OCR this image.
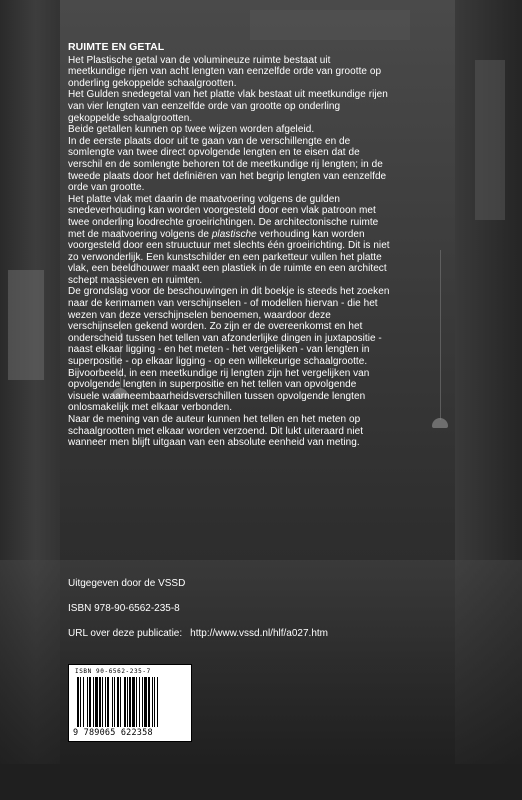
RUIMTE EN GETAL

Het Plastische getal van de volumineuze ruimte bestaat uit meetkundige rijen van acht lengten van eenzelfde orde van grootte op onderling gekoppelde schaalgrootten.

Het Gulden snedegetal van het platte vlak bestaat uit meetkundige rijen van vier lengten van eenzelfde orde van grootte op onderling gekoppelde schaalgrootten.

Beide getallen kunnen op twee wijzen worden afgeleid.

In de eerste plaats door uit te gaan van de verschillengte en de somlengte van twee direct opvolgende lengten en te eisen dat de verschil en de somlengte behoren tot de meetkundige rij lengten; in de tweede plaats door het definiëren van het begrip lengten van eenzelfde orde van grootte.

Het platte vlak met daarin de maatvoering volgens de gulden snedeverhouding kan worden voorgesteld door een vlak patroon met twee onderling loodrechte groeirichtingen. De architectonische ruimte met de maatvoering volgens de plastische verhouding kan worden voorgesteld door een struuctuur met slechts één groeirichting. Dit is niet zo verwonderlijk. Een kunstschilder en een parketteur vullen het platte vlak, een beeldhouwer maakt een plastiek in de ruimte en een architect schept massieven en ruimten.

De grondslag voor de beschouwingen in dit boekje is steeds het zoeken naar de kenmamen van verschijnselen - of modellen hiervan - die het wezen van deze verschijnselen benoemen, waardoor deze verschijnselen gekend worden. Zo zijn er de overeenkomst en het onderscheid tussen het tellen van afzonderlijke dingen in juxtapositie - naast elkaar ligging - en het meten - het vergelijken - van lengten in superpositie - op elkaar ligging - op een willekeurige schaalgrootte. Bijvoorbeeld, in een meetkundige rij lengten zijn het vergelijken van opvolgende lengten in superpositie en het tellen van opvolgende visuele waarneembaarheidsverschillen tussen opvolgende lengten onlosmakelijk met elkaar verbonden.

Naar de mening van de auteur kunnen het tellen en het meten op schaalgrootten met elkaar worden verzoend. Dit lukt uiteraard niet wanneer men blijft uitgaan van een absolute eenheid van meting.

Uitgegeven door de VSSD
ISBN 978-90-6562-235-8
URL over deze publicatie: http://www.vssd.nl/hlf/a027.htm
ISBN 90-6562-235-7
9 789065 622358
